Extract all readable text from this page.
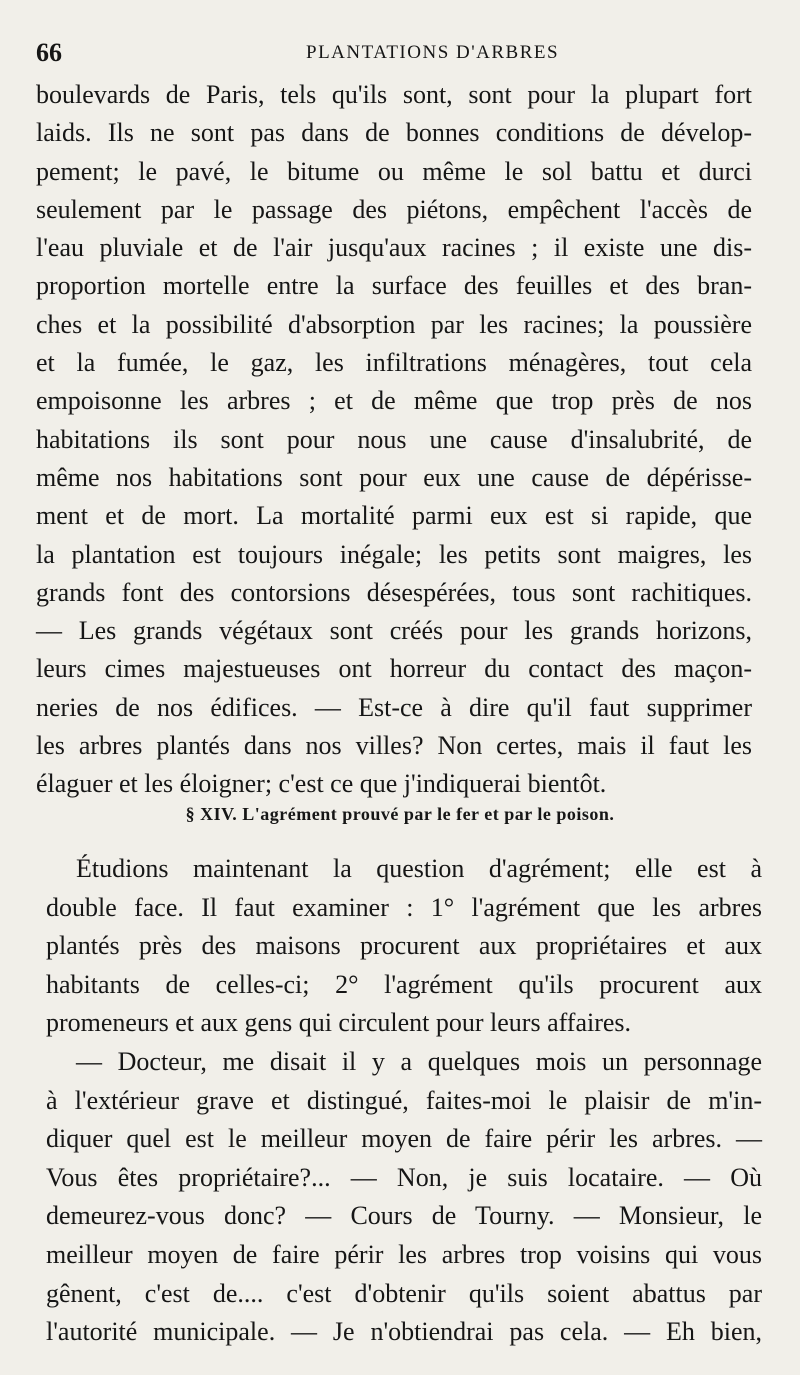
66	PLANTATIONS D'ARBRES
boulevards de Paris, tels qu'ils sont, sont pour la plupart fort
laids. Ils ne sont pas dans de bonnes conditions de dévelop-
pement; le pavé, le bitume ou même le sol battu et durci
seulement par le passage des piétons, empêchent l'accès de
l'eau pluviale et de l'air jusqu'aux racines ; il existe une dis-
proportion mortelle entre la surface des feuilles et des bran-
ches et la possibilité d'absorption par les racines; la poussière
et la fumée, le gaz, les infiltrations ménagères, tout cela
empoisonne les arbres ; et de même que trop près de nos
habitations ils sont pour nous une cause d'insalubrité, de
même nos habitations sont pour eux une cause de dépérisse-
ment et de mort. La mortalité parmi eux est si rapide, que
la plantation est toujours inégale; les petits sont maigres, les
grands font des contorsions désespérées, tous sont rachitiques.
— Les grands végétaux sont créés pour les grands horizons,
leurs cimes majestueuses ont horreur du contact des maçon-
neries de nos édifices. — Est-ce à dire qu'il faut supprimer
les arbres plantés dans nos villes? Non certes, mais il faut les
élaguer et les éloigner; c'est ce que j'indiquerai bientôt.
§ XIV. L'agrément prouvé par le fer et par le poison.
Étudions maintenant la question d'agrément; elle est à
double face. Il faut examiner : 1° l'agrément que les arbres
plantés près des maisons procurent aux propriétaires et aux
habitants de celles-ci; 2° l'agrément qu'ils procurent aux
promeneurs et aux gens qui circulent pour leurs affaires.
— Docteur, me disait il y a quelques mois un personnage
à l'extérieur grave et distingué, faites-moi le plaisir de m'in-
diquer quel est le meilleur moyen de faire périr les arbres. —
Vous êtes propriétaire?... — Non, je suis locataire. — Où
demeurez-vous donc? — Cours de Tourny. — Monsieur, le
meilleur moyen de faire périr les arbres trop voisins qui vous
gênent, c'est de.... c'est d'obtenir qu'ils soient abattus par
l'autorité municipale. — Je n'obtiendrai pas cela. — Eh bien,
